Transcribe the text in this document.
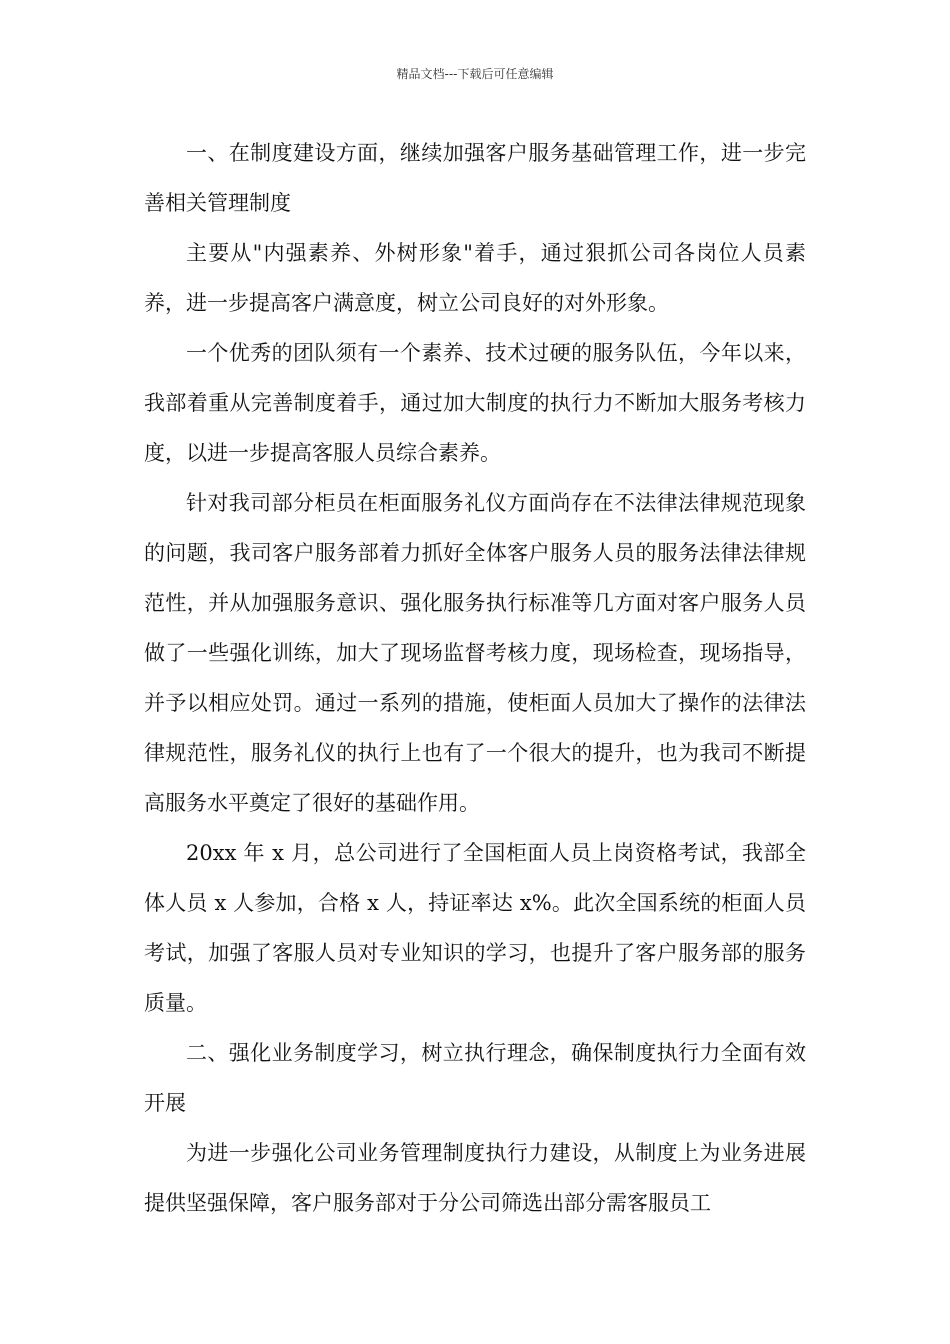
精品文档---下载后可任意编辑

一、在制度建设方面，继续加强客户服务基础管理工作，进一步完善相关管理制度

主要从"内强素养、外树形象"着手，通过狠抓公司各岗位人员素养，进一步提高客户满意度，树立公司良好的对外形象。

一个优秀的团队须有一个素养、技术过硬的服务队伍，今年以来，我部着重从完善制度着手，通过加大制度的执行力不断加大服务考核力度，以进一步提高客服人员综合素养。

针对我司部分柜员在柜面服务礼仪方面尚存在不法律法律规范现象的问题，我司客户服务部着力抓好全体客户服务人员的服务法律法律规范性，并从加强服务意识、强化服务执行标准等几方面对客户服务人员做了一些强化训练，加大了现场监督考核力度，现场检查，现场指导，并予以相应处罚。通过一系列的措施，使柜面人员加大了操作的法律法律规范性，服务礼仪的执行上也有了一个很大的提升，也为我司不断提高服务水平奠定了很好的基础作用。

20xx 年 x 月，总公司进行了全国柜面人员上岗资格考试，我部全体人员 x 人参加，合格 x 人，持证率达 x%。此次全国系统的柜面人员考试，加强了客服人员对专业知识的学习，也提升了客户服务部的服务质量。

二、强化业务制度学习，树立执行理念，确保制度执行力全面有效开展

为进一步强化公司业务管理制度执行力建设，从制度上为业务进展提供坚强保障，客户服务部对于分公司筛选出部分需客服员工
